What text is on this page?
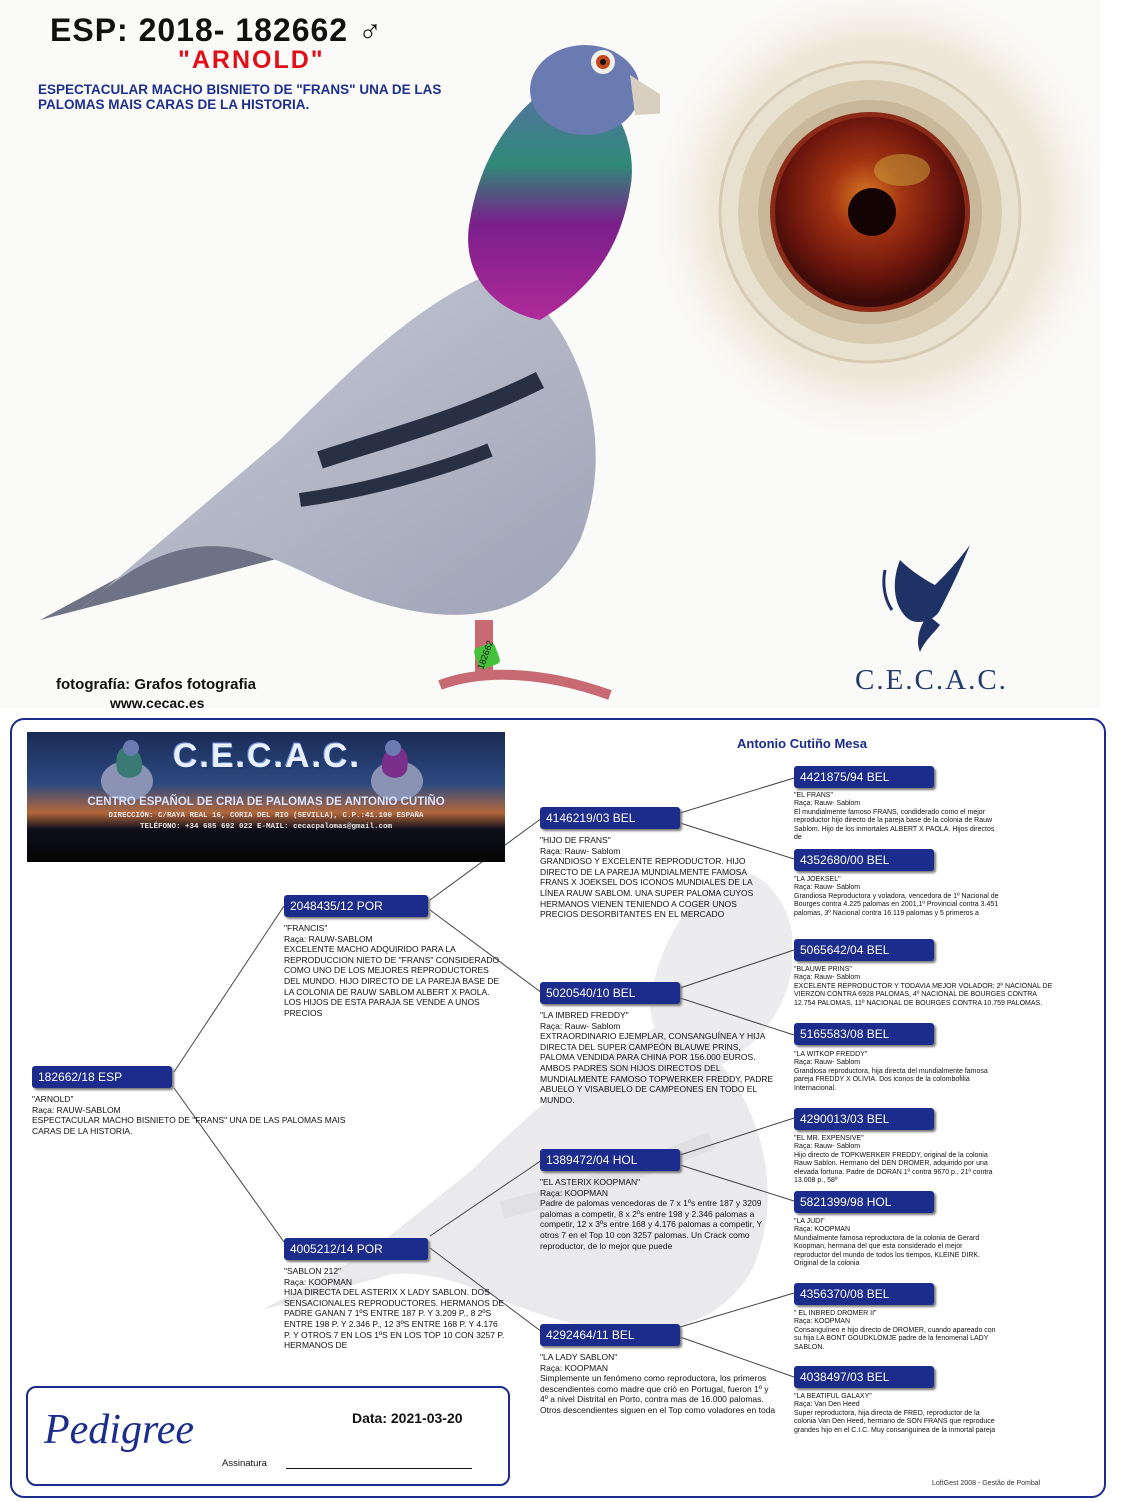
182662
ESP: 2018- 182662 ♂
"ARNOLD"
ESPECTACULAR MACHO BISNIETO DE "FRANS" UNA DE LAS PALOMAS MAIS CARAS DE LA HISTORIA.
C.E.C.A.C.
fotografía: Grafos fotografia
www.cecac.es
C.E.C.A.C.
CENTRO ESPAÑOL DE CRIA DE PALOMAS DE ANTONIO CUTIÑO
DIRECCIÓN: C/RAYA REAL 16, CORIA DEL RIO (SEVILLA), C.P.:41.100 ESPAÑA
TELÉFONO: +34 685 692 022 E-MAIL: cecacpalomas@gmail.com
Antonio Cutiño Mesa
182662/18 ESP
"ARNOLD"
Raça: RAUW-SABLOM
ESPECTACULAR MACHO BISNIETO DE "FRANS" UNA DE LAS PALOMAS MAIS CARAS DE LA HISTORIA.
2048435/12 POR
"FRANCIS"
Raça: RAUW-SABLOM
EXCELENTE MACHO ADQUIRIDO PARA LA REPRODUCCION NIETO DE "FRANS" CONSIDERADO COMO UNO DE LOS MEJORES REPRODUCTORES DEL MUNDO. HIJO DIRECTO DE LA PAREJA BASE DE LA COLONIA DE RAUW SABLOM ALBERT X PAOLA. LOS HIJOS DE ESTA PARAJA SE VENDE A UNOS PRECIOS
4005212/14 POR
"SABLON 212"
Raça: KOOPMAN
HIJA DIRECTA DEL ASTERIX X LADY SABLON. DOS SENSACIONALES REPRODUCTORES. HERMANOS DE PADRE GANAN 7 1ºS ENTRE 187 P. Y 3.209 P., 8 2ºS ENTRE 198 P. Y 2.346 P., 12 3ºS ENTRE 168 P. Y 4.176 P. Y OTROS 7 EN LOS 1ºS EN LOS TOP 10 CON 3257 P. HERMANOS DE
4146219/03 BEL
"HIJO DE FRANS"
Raça: Rauw- Sablom
GRANDIOSO Y EXCELENTE REPRODUCTOR. HIJO DIRECTO DE LA PAREJA MUNDIALMENTE FAMOSA FRANS X JOEKSEL DOS ICONOS MUNDIALES DE LA LÍNEA RAUW SABLOM. UNA SUPER PALOMA CUYOS HERMANOS VIENEN TENIENDO A COGER UNOS PRECIOS DESORBITANTES EN EL MERCADO
5020540/10 BEL
"LA IMBRED FREDDY"
Raça: Rauw- Sablom
EXTRAORDINARIO EJEMPLAR, CONSANGUÍNEA Y HIJA DIRECTA DEL SUPER CAMPEÓN BLAUWE PRINS, PALOMA VENDIDA PARA CHINA POR 156.000 EUROS. AMBOS PADRES SON HIJOS DIRECTOS DEL MUNDIALMENTE FAMOSO TOPWERKER FREDDY, PADRE ABUELO Y VISABUELO DE CAMPEONES EN TODO EL MUNDO.
1389472/04 HOL
"EL ASTERIX KOOPMAN"
Raça: KOOPMAN
Padre de palomas vencedoras de 7 x 1ºs entre 187 y 3209 palomas a competir, 8 x 2ºs entre 198 y 2.346 palomas a competir, 12 x 3ºs entre 168 y 4.176 palomas a competir, Y otros 7 en el Top 10 con 3257 palomas. Un Crack como reproductor, de lo mejor que puede
4292464/11 BEL
"LA LADY SABLON"
Raça: KOOPMAN
Simplemente un fenómeno como reproductora, los primeros descendientes como madre que crió en Portugal, fueron 1º y 4º a nivel Distrital en Porto, contra mas de 16.000 palomas. Otros descendientes siguen en el Top como voladores en toda
4421875/94 BEL
"EL FRANS"
Raça: Rauw- Sablom
El mundialmente famoso FRANS, condiderado como el mejor reproductor hijo directo de la pareja base de la colonia de Rauw Sablom. Hijo de los inmortales ALBERT X PAOLA. Hijos directos de
4352680/00 BEL
"LA JOEKSEL"
Raça: Rauw- Sablom
Grandiosa Reproductora y voladora, vencedora de 1º Nacional de Bourges contra 4.225 palomas en 2001,1º Provincial contra 3.451 palomas, 3º Nacional contra 16.119 palomas y 5 primeros a
5065642/04 BEL
"BLAUWE PRINS"
Raça: Rauw- Sablom
EXCELENTE REPRODUCTOR Y TODAVIA MEJOR VOLADOR: 2º NACIONAL DE VIERZON CONTRA 6928 PALOMAS, 4º NACIONAL DE BOURGES CONTRA 12.754 PALOMAS, 11º NACIONAL DE BOURGES CONTRA 10.759 PALOMAS.
5165583/08 BEL
"LA WITKOP FREDDY"
Raça: Rauw- Sablom
Grandiosa reproductora, hija directa del mundialmente famosa pareja FREDDY X OLIVIA. Dos iconos de la colombofilia Internacional.
4290013/03 BEL
"EL MR. EXPENSIVE"
Raça: Rauw- Sablom
Hijo directo de TOPKWERKER FREDDY, original de la colonia Rauw Sablon. Hermano del DEN DROMER, adquirido por una elevada fortuna. Padre de DORAN 1º contra 9670 p., 21º contra 13.008 p., 58º
5821399/98 HOL
"LA JUDI"
Raça: KOOPMAN
Mundialmente famosa reproductora de la colonia de Gerard Koopman, hermana del que esta considerado el mejor reproductor del mundo de todos los tiempos, KLEINE DIRK. Original de la colonia
4356370/08 BEL
" EL INBRED DROMER II"
Raça: KOOPMAN
Consanguíneo e hijo directo de DROMER, cuando apareado con su hija LA BONT GOUDKLOMJE padre de la fenomenal LADY SABLON.
4038497/03 BEL
"LA BEATIFUL GALAXY"
Raça: Van Den Heed
Super reproductora, hija directa de FRED, reproductor de la colonia Van Den Heed, hermano de SON FRANS que reproduce grandes hijo en el C.I.C. Muy consanguinea de la inmortal pareja
Pedigree	Data: 2021-03-20
Assinatura
LoftGest 2008 - Gestão de Pombal
